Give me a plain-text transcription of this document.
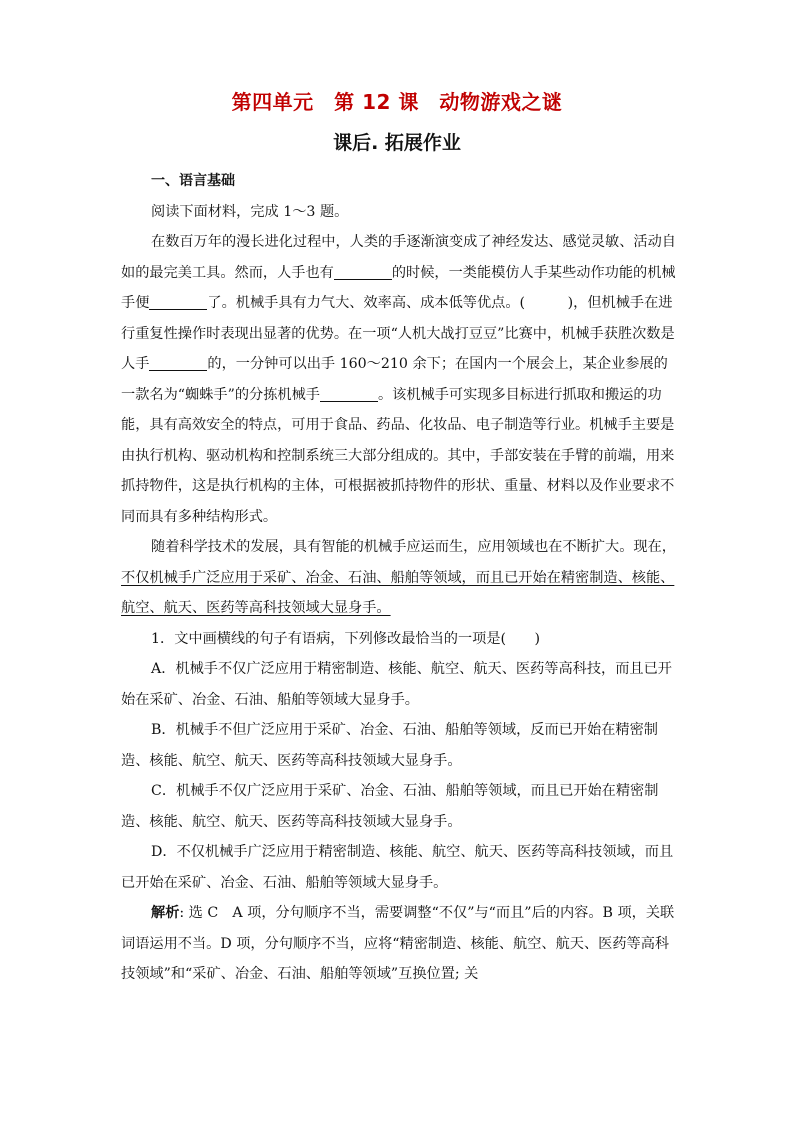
第四单元　第 12 课　动物游戏之谜
课后. 拓展作业

一、语言基础

阅读下面材料，完成 1～3 题。

在数百万年的漫长进化过程中，人类的手逐渐演变成了神经发达、感觉灵敏、活动自如的最完美工具。然而，人手也有	的时候，一类能模仿人手某些动作功能的机械手便	了。机械手具有力气大、效率高、成本低等优点。(　　　)，但机械手在进行重复性操作时表现出显著的优势。在一项“人机大战打豆豆”比赛中，机械手获胜次数是人手	的，一分钟可以出手 160～210 余下；在国内一个展会上，某企业参展的一款名为“蜘蛛手”的分拣机械手	。该机械手可实现多目标进行抓取和搬运的功能，具有高效安全的特点，可用于食品、药品、化妆品、电子制造等行业。机械手主要是由执行机构、驱动机构和控制系统三大部分组成的。其中，手部安装在手臂的前端，用来抓持物件，这是执行机构的主体，可根据被抓持物件的形状、重量、材料以及作业要求不同而具有多种结构形式。

随着科学技术的发展，具有智能的机械手应运而生，应用领域也在不断扩大。现在，不仅机械手广泛应用于采矿、冶金、石油、船舶等领域，而且已开始在精密制造、核能、航空、航天、医药等高科技领域大显身手。

1．文中画横线的句子有语病，下列修改最恰当的一项是(　　)

A．机械手不仅广泛应用于精密制造、核能、航空、航天、医药等高科技，而且已开始在采矿、冶金、石油、船舶等领域大显身手。

B．机械手不但广泛应用于采矿、冶金、石油、船舶等领域，反而已开始在精密制造、核能、航空、航天、医药等高科技领域大显身手。

C．机械手不仅广泛应用于采矿、冶金、石油、船舶等领域，而且已开始在精密制造、核能、航空、航天、医药等高科技领域大显身手。

D．不仅机械手广泛应用于精密制造、核能、航空、航天、医药等高科技领域，而且已开始在采矿、冶金、石油、船舶等领域大显身手。

解析: 选 C　A 项，分句顺序不当，需要调整“不仅”与“而且”后的内容。B 项，关联词语运用不当。D 项，分句顺序不当，应将“精密制造、核能、航空、航天、医药等高科技领域”和“采矿、冶金、石油、船舶等领域”互换位置; 关
